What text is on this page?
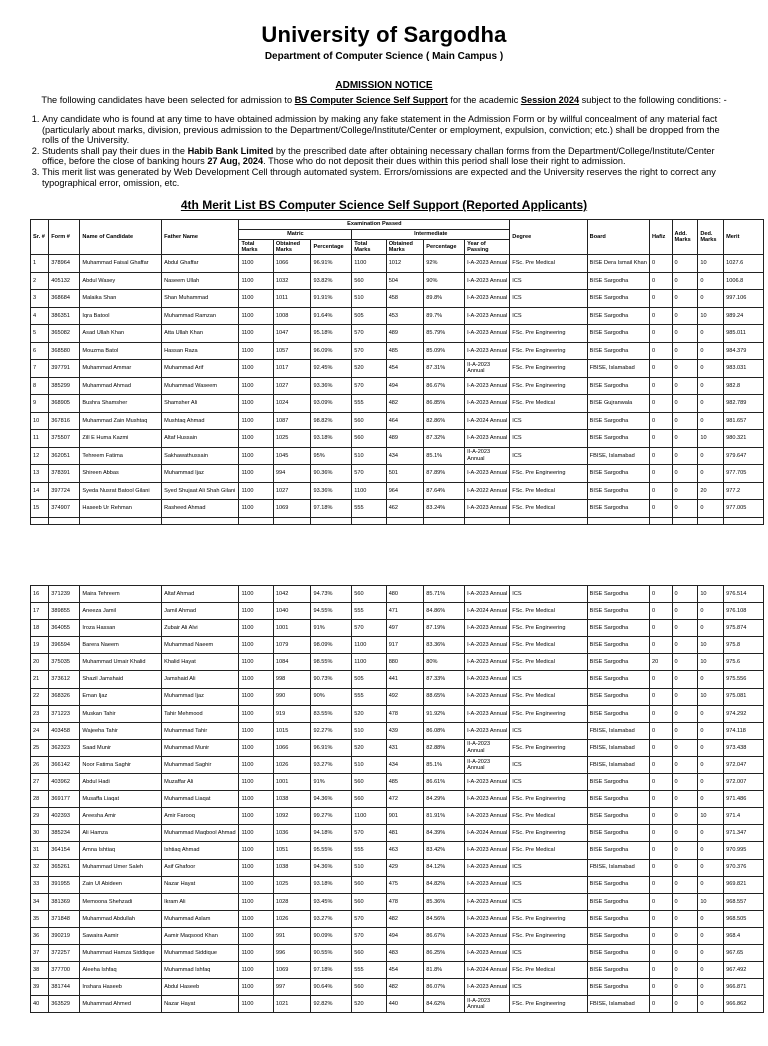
University of Sargodha
Department of Computer Science ( Main Campus )
ADMISSION NOTICE
The following candidates have been selected for admission to BS Computer Science Self Support for the academic Session 2024 subject to the following conditions: -
1. Any candidate who is found at any time to have obtained admission by making any fake statement in the Admission Form or by willful concealment of any material fact (particularly about marks, division, previous admission to the Department/College/Institute/Center or employment, expulsion, conviction; etc.) shall be dropped from the rolls of the University.
2. Students shall pay their dues in the Habib Bank Limited by the prescribed date after obtaining necessary challan forms from the Department/College/Institute/Center office, before the close of banking hours 27 Aug, 2024. Those who do not deposit their dues within this period shall lose their right to admission.
3. This merit list was generated by Web Development Cell through automated system. Errors/omissions are expected and the University reserves the right to correct any typographical error, omission, etc.
4th Merit List BS Computer Science Self Support (Reported Applicants)
Sr. #	Form #	Name of Candidate	Father Name	Examination Passed							Degree	Board	Hafiz	Add. Marks	Ded. Marks	Merit
				Matric			Intermediate									
				Total Marks	Obtained Marks	Percentage	Total Marks	Obtained Marks	Percentage	Year of Passing						
1	378964	Muhammad Faisal Ghaffar	Abdul Ghaffar	1100	1066	96.91%	1100	1012	92%	I-A-2023 Annual	FSc. Pre Medical	BISE Dera Ismail Khan	0	0	10	1027.6
2	405132	Abdul Wasey	Naseem Ullah	1100	1032	93.82%	560	504	90%	I-A-2023 Annual	ICS	BISE Sargodha	0	0	0	1006.8
3	368684	Malaika Shan	Shan Muhammad	1100	1011	91.91%	510	458	89.8%	I-A-2023 Annual	ICS	BISE Sargodha	0	0	0	997.106
4	386351	Iqra Batool	Muhammad Ramzan	1100	1008	91.64%	505	453	89.7%	I-A-2023 Annual	ICS	BISE Sargodha	0	0	10	989.24
5	365082	Asad Ullah Khan	Atta Ullah Khan	1100	1047	95.18%	570	489	85.79%	I-A-2023 Annual	FSc. Pre Engineering	BISE Sargodha	0	0	0	985.011
6	368580	Mouzma Batol	Hassan Raza	1100	1057	96.09%	570	485	85.09%	I-A-2023 Annual	FSc. Pre Engineering	BISE Sargodha	0	0	0	984.379
7	397791	Muhammad Ammar	Muhammad Arif	1100	1017	92.45%	520	454	87.31%	II-A-2023 Annual	FSc. Pre Engineering	FBISE, Islamabad	0	0	0	983.031
8	385299	Muhammad Ahmad	Muhammad Waseem	1100	1027	93.36%	570	494	86.67%	I-A-2023 Annual	FSc. Pre Engineering	BISE Sargodha	0	0	0	982.8
9	368905	Bushra Shamsher	Shamsher Ali	1100	1024	93.09%	555	482	86.85%	I-A-2023 Annual	FSc. Pre Medical	BISE Gujranwala	0	0	0	982.789
10	367816	Muhammad Zain Mushtaq	Mushtaq Ahmad	1100	1087	98.82%	560	464	82.86%	I-A-2024 Annual	ICS	BISE Sargodha	0	0	0	981.657
11	375507	Zill E Huma Kazmi	Altaf Hussain	1100	1025	93.18%	560	489	87.32%	I-A-2023 Annual	ICS	BISE Sargodha	0	0	10	980.321
12	362051	Tehreem Fatima	Sakhawathussain	1100	1045	95%	510	434	85.1%	II-A-2023 Annual	ICS	FBISE, Islamabad	0	0	0	979.647
13	378391	Shireen Abbas	Muhammad Ijaz	1100	994	90.36%	570	501	87.89%	I-A-2023 Annual	FSc. Pre Engineering	BISE Sargodha	0	0	0	977.705
14	397724	Syeda Nusrat Batool Gilani	Syed Shujaat Ali Shah Gilani	1100	1027	93.36%	1100	964	87.64%	I-A-2022 Annual	FSc. Pre Medical	BISE Sargodha	0	0	20	977.2
15	374907	Haseeb Ur Rehman	Rasheed Ahmad	1100	1069	97.18%	555	462	83.24%	I-A-2023 Annual	FSc. Pre Medical	BISE Sargodha	0	0	0	977.005

16	371239	Maira Tehreem	Altaf Ahmad	1100	1042	94.73%	560	480	85.71%	I-A-2023 Annual	ICS	BISE Sargodha	0	0	10	976.514
17	389855	Aneeza Jamil	Jamil Ahmad	1100	1040	94.55%	555	471	84.86%	I-A-2024 Annual	FSc. Pre Medical	BISE Sargodha	0	0	0	976.108
18	364055	Iroza Hassan	Zubair Ali Alvi	1100	1001	91%	570	497	87.19%	I-A-2023 Annual	FSc. Pre Engineering	BISE Sargodha	0	0	0	975.874
19	396594	Barera Naeem	Muhammad Naeem	1100	1079	98.09%	1100	917	83.36%	I-A-2023 Annual	FSc. Pre Medical	BISE Sargodha	0	0	10	975.8
20	375035	Muhammad Umair Khalid	Khalid Hayat	1100	1084	98.55%	1100	880	80%	I-A-2023 Annual	FSc. Pre Medical	BISE Sargodha	20	0	10	975.6
21	373612	Shazil Jamshaid	Jamshaid Ali	1100	998	90.73%	505	441	87.33%	I-A-2023 Annual	ICS	BISE Sargodha	0	0	0	975.556
22	368326	Eman Ijaz	Muhammad Ijaz	1100	990	90%	555	492	88.65%	I-A-2023 Annual	FSc. Pre Medical	BISE Sargodha	0	0	10	975.081
23	371223	Muskan Tahir	Tahir Mehmood	1100	919	83.55%	520	478	91.92%	I-A-2023 Annual	FSc. Pre Engineering	BISE Sargodha	0	0	0	974.292
24	403458	Wajeeha Tahir	Muhammad Tahir	1100	1015	92.27%	510	439	86.08%	I-A-2023 Annual	ICS	FBISE, Islamabad	0	0	0	974.118
25	362323	Saad Munir	Muhammad Munir	1100	1066	96.91%	520	431	82.88%	II-A-2023 Annual	FSc. Pre Engineering	FBISE, Islamabad	0	0	0	973.438
26	366142	Noor Fatima Saghir	Muhammad Saghir	1100	1026	93.27%	510	434	85.1%	II-A-2023 Annual	ICS	FBISE, Islamabad	0	0	0	972.047
27	403962	Abdul Hadi	Muzaffar Ali	1100	1001	91%	560	485	86.61%	I-A-2023 Annual	ICS	BISE Sargodha	0	0	0	972.007
28	369177	Musaffa Liaqat	Muhammad Liaqat	1100	1038	94.36%	560	472	84.29%	I-A-2023 Annual	FSc. Pre Engineering	BISE Sargodha	0	0	0	971.486
29	402393	Areesha Amir	Amir Farooq	1100	1092	99.27%	1100	901	81.91%	I-A-2023 Annual	FSc. Pre Medical	BISE Sargodha	0	0	10	971.4
30	385234	Ali Hamza	Muhammad Maqbool Ahmad	1100	1036	94.18%	570	481	84.39%	I-A-2024 Annual	FSc. Pre Engineering	BISE Sargodha	0	0	0	971.347
31	364154	Amna Ishtiaq	Ishtiaq Ahmad	1100	1051	95.55%	555	463	83.42%	I-A-2023 Annual	FSc. Pre Medical	BISE Sargodha	0	0	0	970.995
32	365261	Muhammad Umer Saleh	Asif Ghafoor	1100	1038	94.36%	510	429	84.12%	I-A-2023 Annual	ICS	FBISE, Islamabad	0	0	0	970.376
33	391955	Zain Ul Abideen	Nazar Hayat	1100	1025	93.18%	560	475	84.82%	I-A-2023 Annual	ICS	BISE Sargodha	0	0	0	969.821
34	381369	Memoona Shehzadi	Ikram Ali	1100	1028	93.45%	560	478	85.36%	I-A-2023 Annual	ICS	BISE Sargodha	0	0	10	968.557
35	371848	Muhammad Abdullah	Muhammad Aslam	1100	1026	93.27%	570	482	84.56%	I-A-2023 Annual	FSc. Pre Engineering	BISE Sargodha	0	0	0	968.505
36	390219	Sawaira Aamir	Aamir Maqsood Khan	1100	991	90.09%	570	494	86.67%	I-A-2023 Annual	FSc. Pre Engineering	BISE Sargodha	0	0	0	968.4
37	372257	Muhammad Hamza Siddique	Muhammad Siddique	1100	996	90.55%	560	483	86.25%	I-A-2023 Annual	ICS	BISE Sargodha	0	0	0	967.65
38	377700	Aleeha Ishfaq	Muhammad Ishfaq	1100	1069	97.18%	555	454	81.8%	I-A-2024 Annual	FSc. Pre Medical	BISE Sargodha	0	0	0	967.492
39	381744	Inshara Haseeb	Abdul Haseeb	1100	997	90.64%	560	482	86.07%	I-A-2023 Annual	ICS	BISE Sargodha	0	0	0	966.871
40	363529	Muhammad Ahmed	Nazar Hayat	1100	1021	92.82%	520	440	84.62%	II-A-2023 Annual	FSc. Pre Engineering	FBISE, Islamabad	0	0	0	966.862
